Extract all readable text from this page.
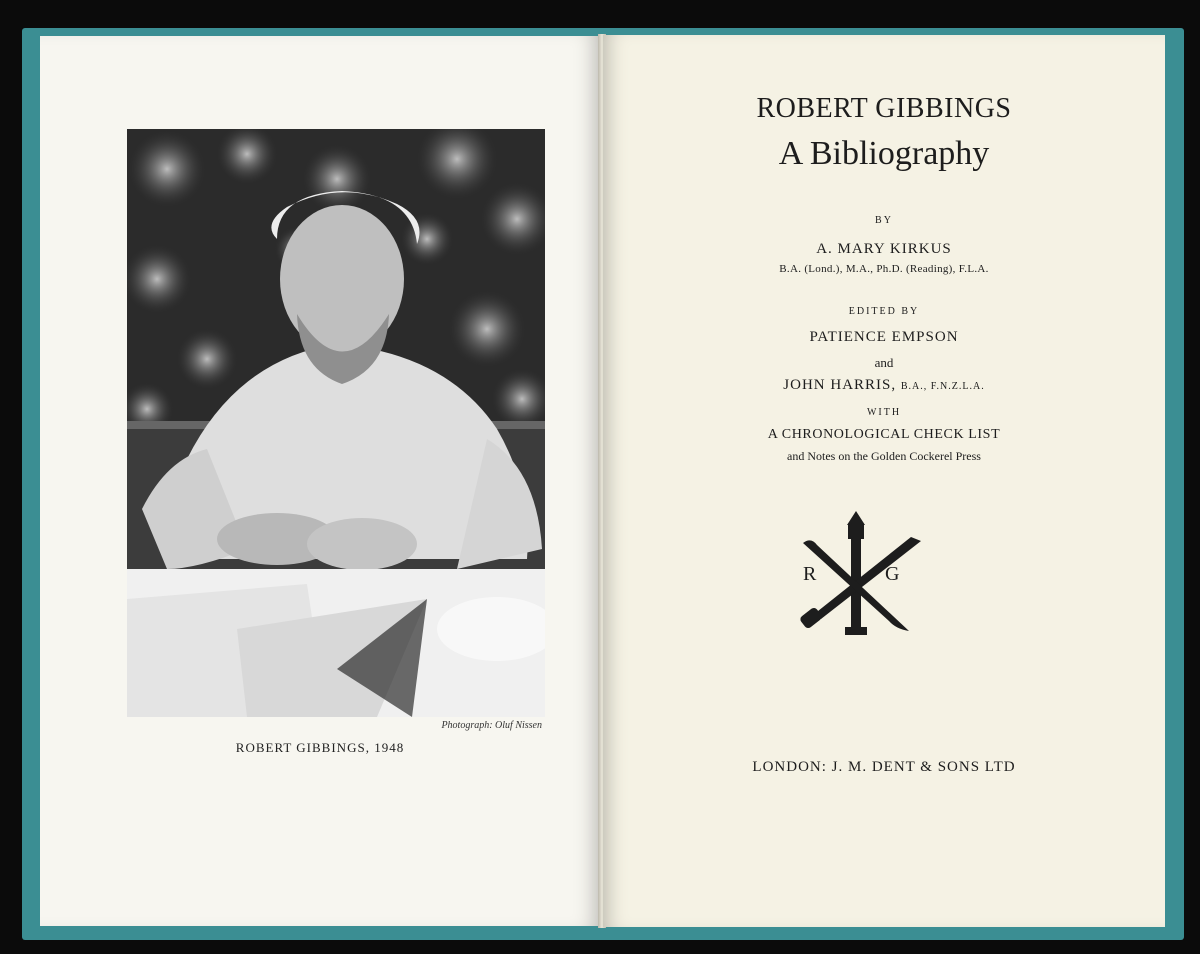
Photograph: Oluf Nissen
ROBERT GIBBINGS, 1948
ROBERT GIBBINGS
A Bibliography
BY
A. MARY KIRKUS
B.A. (Lond.), M.A., Ph.D. (Reading), F.L.A.
EDITED BY
PATIENCE EMPSON
and
JOHN HARRIS, B.A., F.N.Z.L.A.
WITH
A CHRONOLOGICAL CHECK LIST
and Notes on the Golden Cockerel Press
R	G
LONDON: J. M. DENT & SONS LTD
